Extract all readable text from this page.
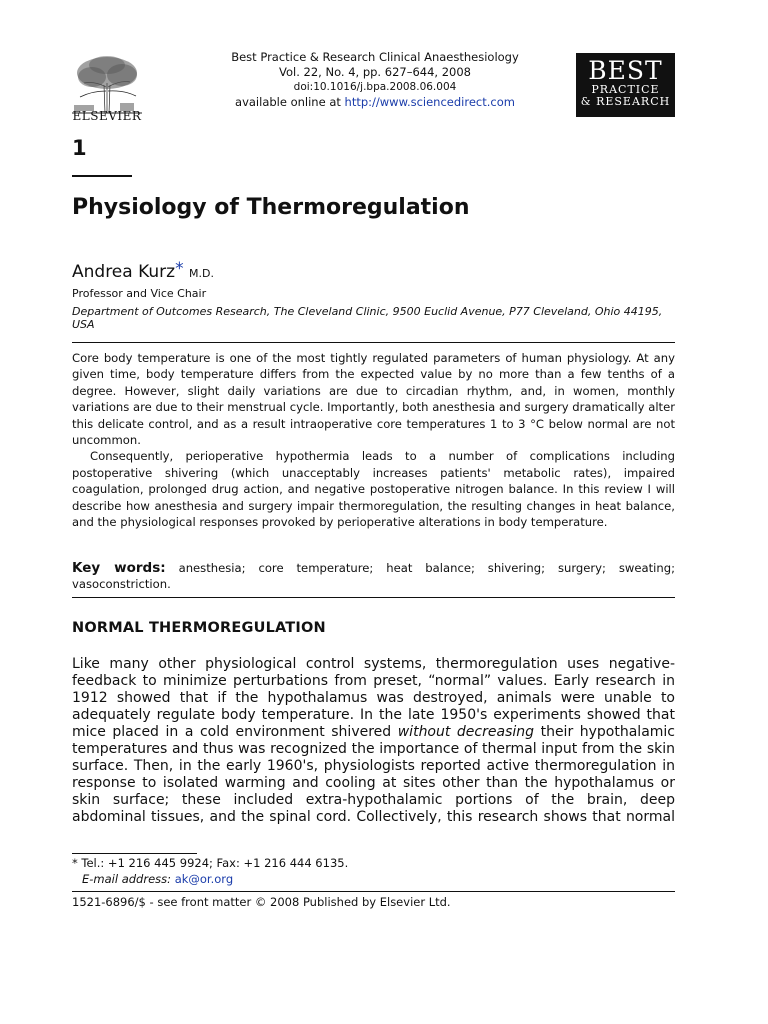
ELSEVIER
Best Practice & Research Clinical Anaesthesiology
Vol. 22, No. 4, pp. 627–644, 2008
doi:10.1016/j.bpa.2008.06.004
available online at http://www.sciencedirect.com
BEST
PRACTICE
& RESEARCH
1
Physiology of Thermoregulation
Andrea Kurz* M.D.
Professor and Vice Chair
Department of Outcomes Research, The Cleveland Clinic, 9500 Euclid Avenue, P77 Cleveland, Ohio 44195, USA

Core body temperature is one of the most tightly regulated parameters of human physiology. At any given time, body temperature differs from the expected value by no more than a few tenths of a degree. However, slight daily variations are due to circadian rhythm, and, in women, monthly variations are due to their menstrual cycle. Importantly, both anesthesia and surgery dramatically alter this delicate control, and as a result intraoperative core temperatures 1 to 3 °C below normal are not uncommon.

Consequently, perioperative hypothermia leads to a number of complications including postoperative shivering (which unacceptably increases patients' metabolic rates), impaired coagulation, prolonged drug action, and negative postoperative nitrogen balance. In this review I will describe how anesthesia and surgery impair thermoregulation, the resulting changes in heat balance, and the physiological responses provoked by perioperative alterations in body temperature.

Key words: anesthesia; core temperature; heat balance; shivering; surgery; sweating; vasoconstriction.
NORMAL THERMOREGULATION
Like many other physiological control systems, thermoregulation uses negative-feedback to minimize perturbations from preset, “normal” values. Early research in 1912 showed that if the hypothalamus was destroyed, animals were unable to adequately regulate body temperature. In the late 1950's experiments showed that mice placed in a cold environment shivered without decreasing their hypothalamic temperatures and thus was recognized the importance of thermal input from the skin surface. Then, in the early 1960's, physiologists reported active thermoregulation in response to isolated warming and cooling at sites other than the hypothalamus or skin surface; these included extra-hypothalamic portions of the brain, deep abdominal tissues, and the spinal cord. Collectively, this research shows that normal
* Tel.: +1 216 445 9924; Fax: +1 216 444 6135.
E-mail address: ak@or.org
1521-6896/$ - see front matter © 2008 Published by Elsevier Ltd.
